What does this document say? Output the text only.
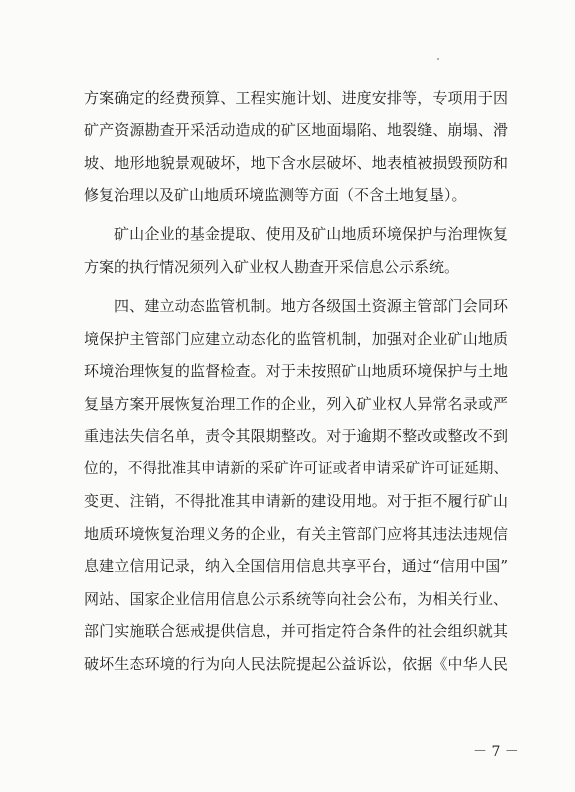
方案确定的经费预算、工程实施计划、进度安排等，专项用于因
矿产资源勘查开采活动造成的矿区地面塌陷、地裂缝、崩塌、滑
坡、地形地貌景观破坏，地下含水层破坏、地表植被损毁预防和
修复治理以及矿山地质环境监测等方面（不含土地复垦）。
矿山企业的基金提取、使用及矿山地质环境保护与治理恢复
方案的执行情况须列入矿业权人勘查开采信息公示系统。
四、建立动态监管机制。地方各级国土资源主管部门会同环
境保护主管部门应建立动态化的监管机制，加强对企业矿山地质
环境治理恢复的监督检查。对于未按照矿山地质环境保护与土地
复垦方案开展恢复治理工作的企业，列入矿业权人异常名录或严
重违法失信名单，责令其限期整改。对于逾期不整改或整改不到
位的，不得批准其申请新的采矿许可证或者申请采矿许可证延期、
变更、注销，不得批准其申请新的建设用地。对于拒不履行矿山
地质环境恢复治理义务的企业，有关主管部门应将其违法违规信
息建立信用记录，纳入全国信用信息共享平台，通过“信用中国”
网站、国家企业信用信息公示系统等向社会公布，为相关行业、
部门实施联合惩戒提供信息，并可指定符合条件的社会组织就其
破坏生态环境的行为向人民法院提起公益诉讼，依据《中华人民
－ 7 －
